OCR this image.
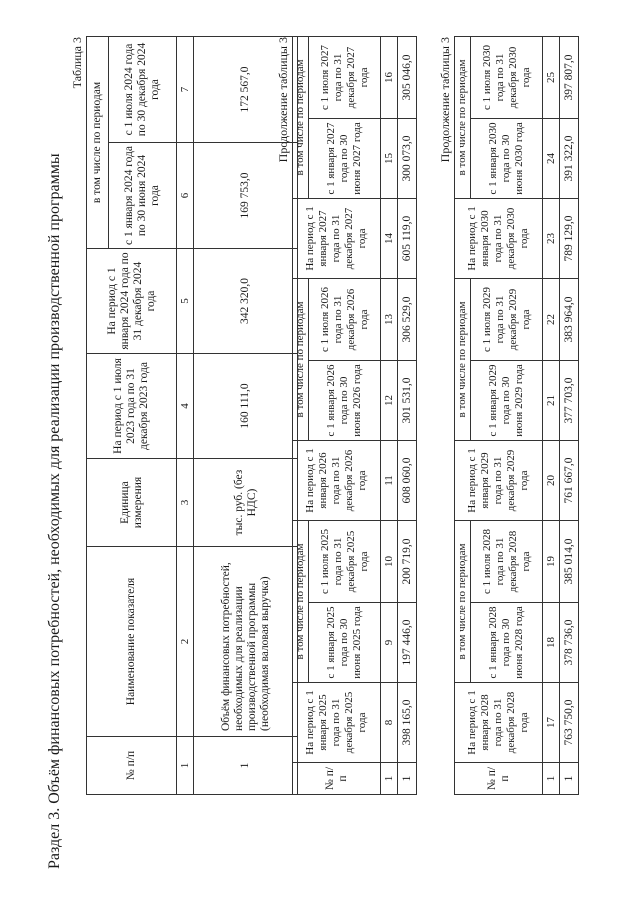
Раздел 3. Объём финансовых потребностей, необходимых для реализации производственной программы
Таблица 3
№ п/п	Наименование показателя	Единица измерения	На период с 1 июля 2023 года по 31 декабря 2023 года	На период с 1 января 2024 года по 31 декабря 2024 года	в том числе по периодам	
					с 1 января 2024 года по 30 июня 2024 года	с 1 июля 2024 года по 30 декабря 2024 года
1	2	3	4	5	6	7
1	Объём финансовых потребностей, необходимых для реализации производственной программы (необходимая валовая выручка)	тыс. руб. (без НДС)	160 111,0	342 320,0	169 753,0	172 567,0 Продолжение таблицы 3
№ п/п	На период с 1 января 2025 года по 31 декабря 2025 года	в том числе по периодам		На период с 1 января 2026 года по 31 декабря 2026 года	в том числе по периодам		На период с 1 января 2027 года по 31 декабря 2027 года	в том числе по периодам	
		с 1 января 2025 года по 30 июня 2025 года	с 1 июля 2025 года по 31 декабря 2025 года		с 1 января 2026 года по 30 июня 2026 года	с 1 июля 2026 года по 31 декабря 2026 года		с 1 января 2027 года по 30 июня 2027 года	с 1 июля 2027 года по 31 декабря 2027 года
1	8	9	10	11	12	13	14	15	16
1	398 165,0	197 446,0	200 719,0	608 060,0	301 531,0	306 529,0	605 119,0	300 073,0	305 046,0 Продолжение таблицы 3
№ п/п	На период с 1 января 2028 года по 31 декабря 2028 года	в том числе по периодам		На период с 1 января 2029 года по 31 декабря 2029 года	в том числе по периодам		На период с 1 января 2030 года по 31 декабря 2030 года	в том числе по периодам	
		с 1 января 2028 года по 30 июня 2028 года	с 1 июля 2028 года по 31 декабря 2028 года		с 1 января 2029 года по 30 июня 2029 года	с 1 июля 2029 года по 31 декабря 2029 года		с 1 января 2030 года по 30 июня 2030 года	с 1 июля 2030 года по 31 декабря 2030 года
1	17	18	19	20	21	22	23	24	25
1	763 750,0	378 736,0	385 014,0	761 667,0	377 703,0	383 964,0	789 129,0	391 322,0	397 807,0
